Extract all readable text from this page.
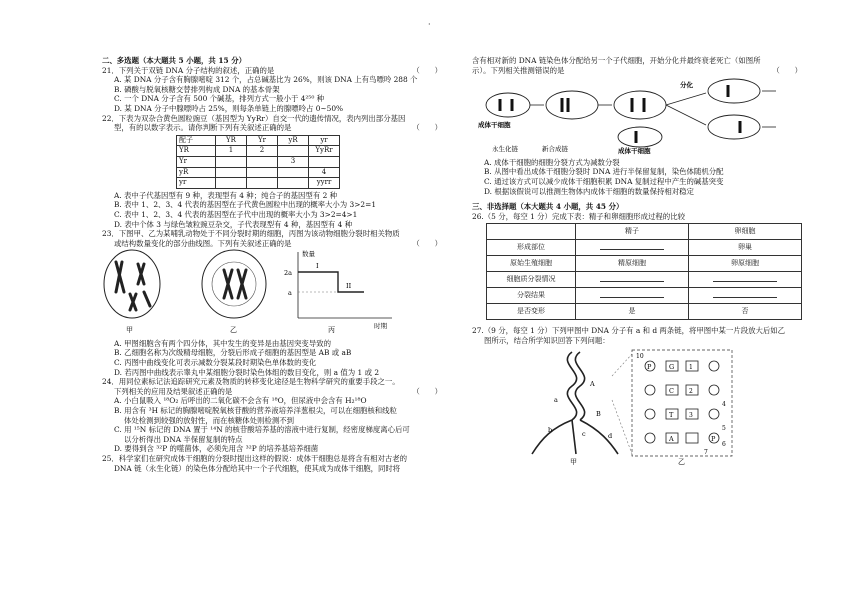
·
二、多选题（本大题共 5 小题，共 15 分）
21．下列关于双链 DNA 分子结构的叙述，正确的是	（　　）
A. 某 DNA 分子含有胸腺嘧啶 312 个，占总碱基比为 26%，则该 DNA 上有鸟嘌呤 288 个
B. 磷酸与脱氧核糖交替排列构成 DNA 的基本骨架
C. 一个 DNA 分子含有 500 个碱基，排列方式一般小于 4²⁵⁰ 种
D. 某 DNA 分子中腺嘌呤占 25%，则每条单链上的腺嘌呤占 0~50%
22．下表为双杂合黄色圆粒豌豆（基因型为 YyRr）自交一代的遗传情况，表内列出部分基因
型，有的以数字表示。请你判断下列有关叙述正确的是	（　　）
配子	YR	Yr	yR	yr
YR	1	2		YyRr
Yr			3	
yR				4
yr				yyrr
A. 表中子代基因型有 9 种，表现型有 4 种；纯合子的基因型有 2 种
B. 表中 1、2、3、4 代表的基因型在子代黄色圆粒中出现的概率大小为 3>2=1
C. 表中 1、2、3、4 代表的基因型在子代中出现的概率大小为 3>2=4>1
D. 表中个体 3 与绿色皱粒豌豆杂交，子代表现型有 4 种，基因型有 4 种
23．下图甲、乙为某哺乳动物处于不同分裂时期的细胞，丙图为该动物细胞分裂时相关物质
或结构数量变化的部分曲线图。下列有关叙述正确的是	（　　）
甲	乙
数量
2a
a
I
II
时期
丙
A. 甲图细胞含有两个四分体，其中发生的变异是由基因突变导致的
B. 乙细胞名称为次级精母细胞，分裂后形成子细胞的基因型是 AB 或 aB
C. 丙图中曲线变化可表示减数分裂某段时期染色单体数的变化
D. 若丙图中曲线表示睾丸中某细胞分裂时染色体组的数目变化，则 a 值为 1 或 2
24．用同位素标记法追踪研究元素及物质的转移变化途径是生物科学研究的重要手段之一。
下列相关的应用及结果叙述正确的是	（　　）
A. 小白鼠吸入 ¹⁸O₂ 后呼出的二氧化碳不会含有 ¹⁸O，但尿液中会含有 H₂¹⁸O
B. 用含有 ³H 标记的胸腺嘧啶脱氧核苷酸的营养液培养洋葱根尖，可以在细胞核和线粒
体处检测到较强的放射性，而在核糖体处则检测不到
C. 用 ¹⁵N 标记的 DNA 置于 ¹⁴N 的核苷酸培养基的溶液中进行复制，经密度梯度离心后可
以分析得出 DNA 半保留复制的特点
D. 要得到含 ³²P 的噬菌体，必须先用含 ³²P 的培养基培养细菌
25．科学家们在研究成体干细胞的分裂时提出这样的假说：成体干细胞总是将含有相对古老的
DNA 链（永生化链）的染色体分配给其中一个子代细胞，使其成为成体干细胞，同时将
含有相对新的 DNA 链染色体分配给另一个子代细胞，开始分化并最终衰老死亡（如图所
示）。下列相关推测错误的是	（　　）
成体干细胞
分化
成体干细胞
永生化链	新合成链
A. 成体干细胞的细胞分裂方式为减数分裂
B. 从图中看出成体干细胞分裂时 DNA 进行半保留复制，染色体随机分配
C. 通过该方式可以减少成体干细胞积累 DNA 复制过程中产生的碱基突变
D. 根据该假说可以推测生物体内成体干细胞的数量保持相对稳定
三、非选择题（本大题共 4 小题，共 45 分）
26.（5 分，每空 1 分）完成下表：精子和卵细胞形成过程的比较
	精子	卵细胞
形成部位		卵巢
原始生殖细胞	精原细胞	卵原细胞
细胞质分裂情况		
分裂结果		
是否变形	是	否
27.（9 分，每空 1 分）下列甲图中 DNA 分子有 a 和 d 两条链，将甲图中某一片段放大后如乙
图所示，结合所学知识回答下列问题：
a
A
B
b	c	d
甲
P	G
C
T
A	P
10
1
2
3
4
5
6
7
乙
